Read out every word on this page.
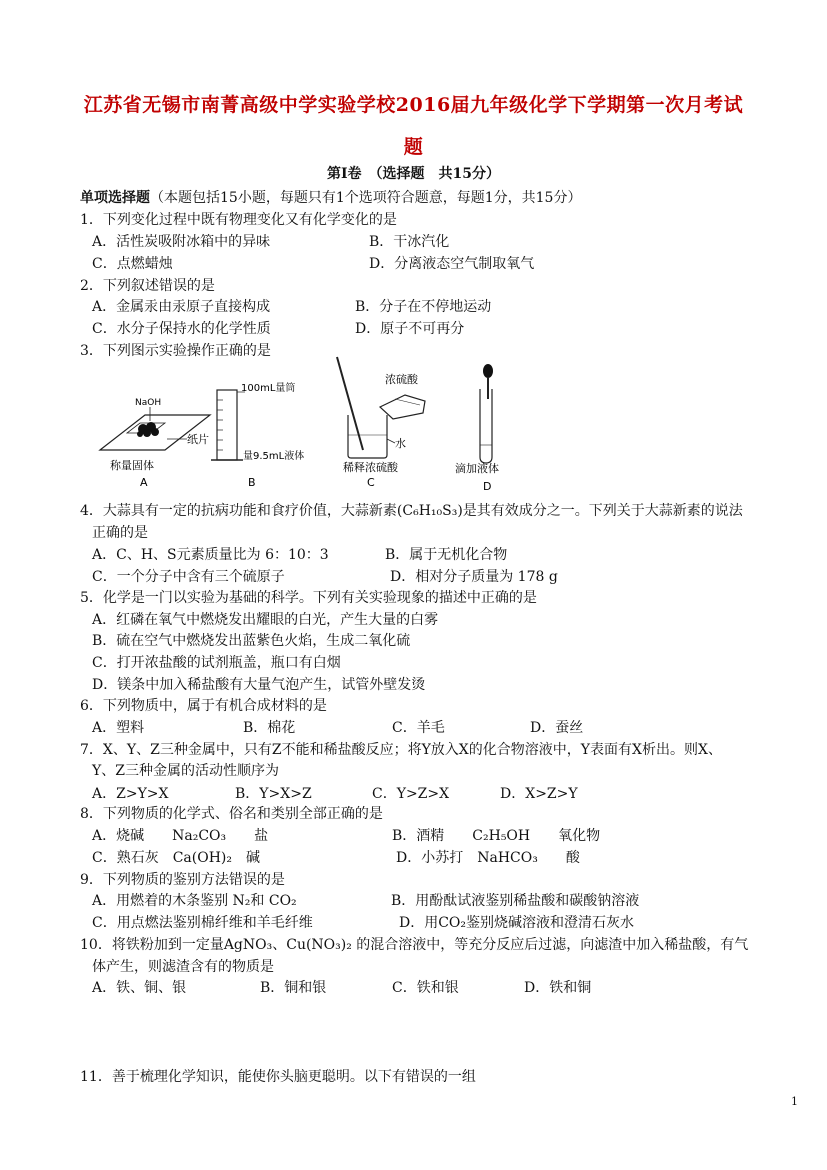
江苏省无锡市南菁高级中学实验学校2016届九年级化学下学期第一次月考试
题
第Ⅰ卷　（选择题　共15分）
单项选择题（本题包括15小题，每题只有1个选项符合题意，每题1分，共15分）
1．下列变化过程中既有物理变化又有化学变化的是
A．活性炭吸附冰箱中的异味	B．干冰汽化
C．点燃蜡烛	D．分离液态空气制取氧气
2．下列叙述错误的是
A．金属汞由汞原子直接构成	B．分子在不停地运动
C．水分子保持水的化学性质	D．原子不可再分
3．下列图示实验操作正确的是
NaOH
纸片
称量固体
A
100mL量筒
量9.5mL液体
B
浓硫酸
水
稀释浓硫酸
C
滴加液体
D
4．大蒜具有一定的抗病功能和食疗价值，大蒜新素(C₆H₁₀S₃)是其有效成分之一。下列关于大蒜新素的说法
正确的是
A．C、H、S元素质量比为 6：10：3	B．属于无机化合物
C．一个分子中含有三个硫原子	D．相对分子质量为 178 g
5．化学是一门以实验为基础的科学。下列有关实验现象的描述中正确的是
A．红磷在氧气中燃烧发出耀眼的白光，产生大量的白雾
B．硫在空气中燃烧发出蓝紫色火焰，生成二氧化硫
C．打开浓盐酸的试剂瓶盖，瓶口有白烟
D．镁条中加入稀盐酸有大量气泡产生，试管外壁发烫
6．下列物质中，属于有机合成材料的是
A．塑料	B．棉花	C．羊毛	D．蚕丝
7．X、Y、Z三种金属中，只有Z不能和稀盐酸反应；将Y放入X的化合物溶液中，Y表面有X析出。则X、
Y、Z三种金属的活动性顺序为
A．Z>Y>X	B．Y>X>Z	C．Y>Z>X	D．X>Z>Y
8．下列物质的化学式、俗名和类别全部正确的是
A．烧碱　　Na₂CO₃　　盐	B．酒精　　C₂H₅OH　　氧化物
C．熟石灰　Ca(OH)₂　碱	D．小苏打　NaHCO₃　　酸
9．下列物质的鉴别方法错误的是
A．用燃着的木条鉴别 N₂和 CO₂	B．用酚酞试液鉴别稀盐酸和碳酸钠溶液
C．用点燃法鉴别棉纤维和羊毛纤维	D．用CO₂鉴别烧碱溶液和澄清石灰水
10．将铁粉加到一定量AgNO₃、Cu(NO₃)₂ 的混合溶液中，等充分反应后过滤，向滤渣中加入稀盐酸，有气
体产生，则滤渣含有的物质是
A．铁、铜、银	B．铜和银	C．铁和银	D．铁和铜
11．善于梳理化学知识，能使你头脑更聪明。以下有错误的一组
1
